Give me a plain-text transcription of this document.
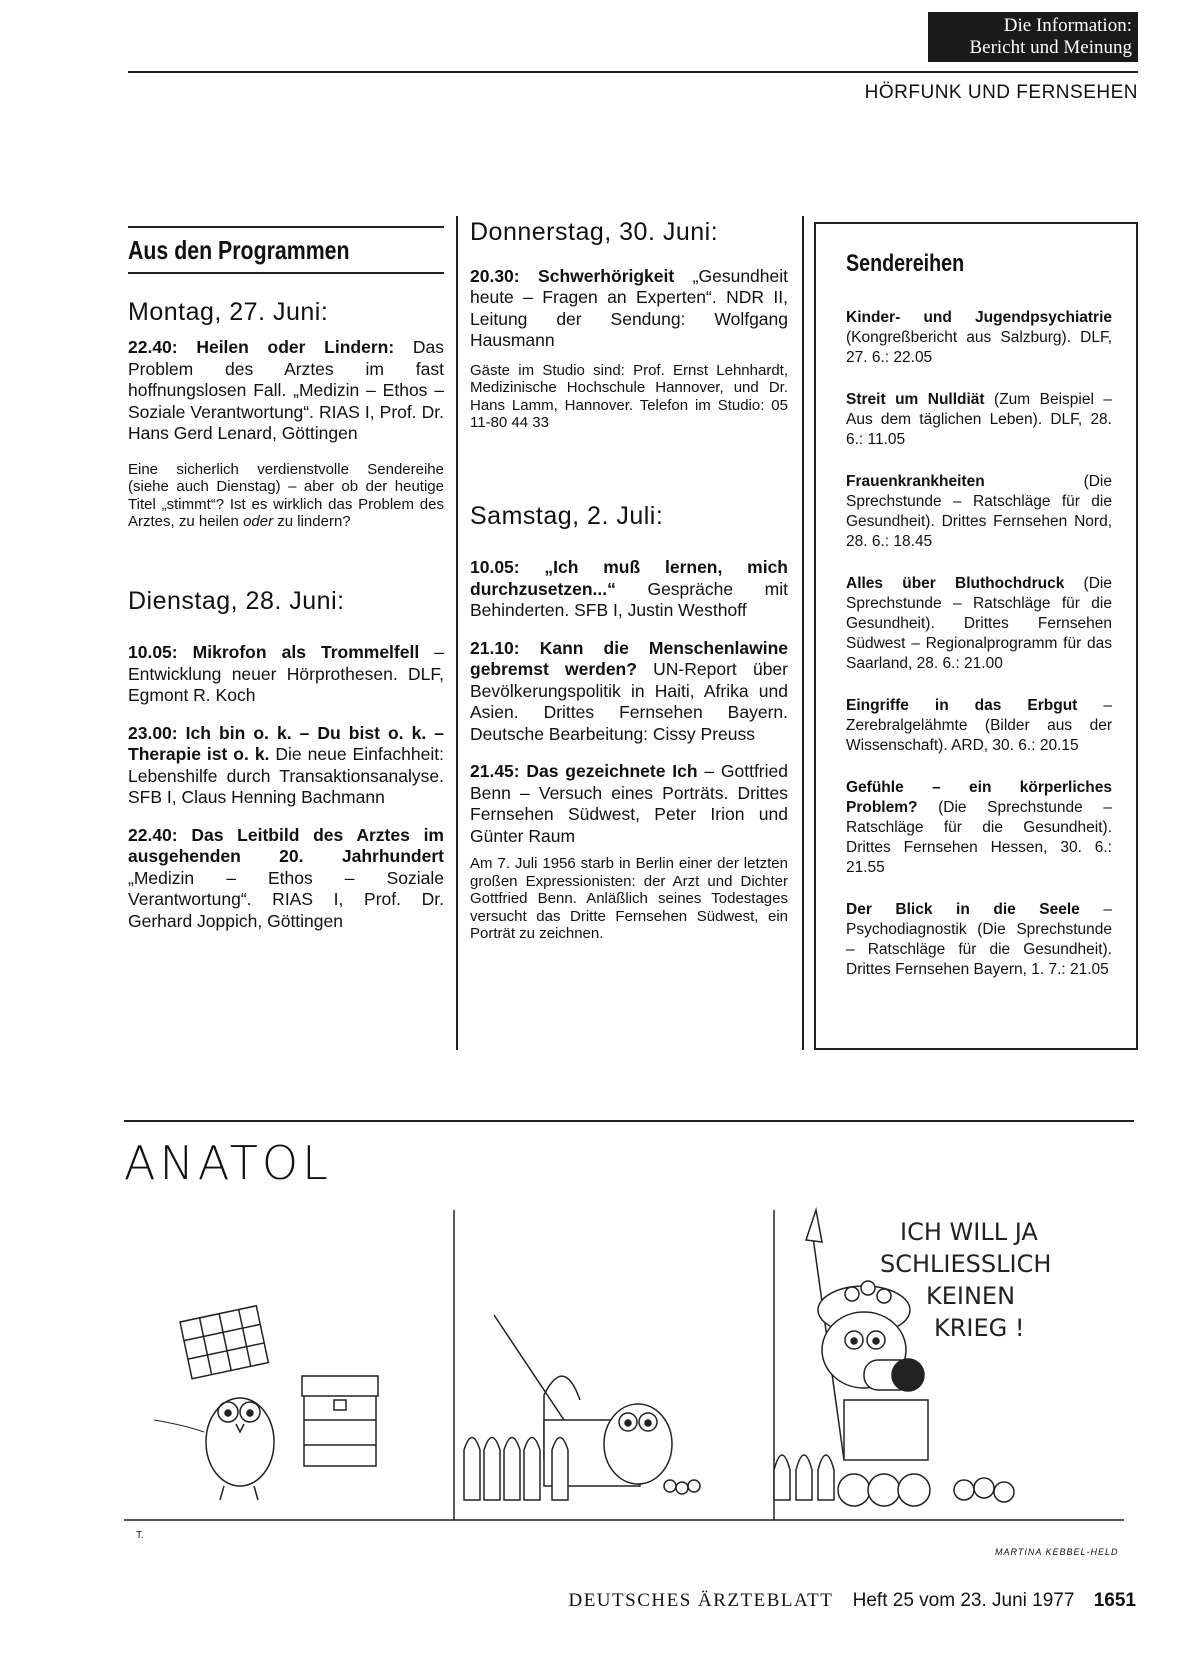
Die Information:
Bericht und Meinung
HÖRFUNK UND FERNSEHEN
Aus den Programmen
Montag, 27. Juni:

22.40: Heilen oder Lindern: Das Problem des Arztes im fast hoffnungslosen Fall. „Medizin – Ethos – Soziale Verantwortung“. RIAS I, Prof. Dr. Hans Gerd Lenard, Göttingen

Eine sicherlich verdienstvolle Sendereihe (siehe auch Dienstag) – aber ob der heutige Titel „stimmt“? Ist es wirklich das Problem des Arztes, zu heilen oder zu lindern?

Dienstag, 28. Juni:

10.05: Mikrofon als Trommelfell – Entwicklung neuer Hörprothesen. DLF, Egmont R. Koch

23.00: Ich bin o. k. – Du bist o. k. – Therapie ist o. k. Die neue Einfachheit: Lebenshilfe durch Transaktionsanalyse. SFB I, Claus Henning Bachmann

22.40: Das Leitbild des Arztes im ausgehenden 20. Jahrhundert „Medizin – Ethos – Soziale Verantwortung“. RIAS I, Prof. Dr. Gerhard Joppich, Göttingen

Donnerstag, 30. Juni:

20.30: Schwerhörigkeit „Gesundheit heute – Fragen an Experten“. NDR II, Leitung der Sendung: Wolfgang Hausmann

Gäste im Studio sind: Prof. Ernst Lehnhardt, Medizinische Hochschule Hannover, und Dr. Hans Lamm, Hannover. Telefon im Studio: 05 11-80 44 33

Samstag, 2. Juli:

10.05: „Ich muß lernen, mich durchzusetzen...“ Gespräche mit Behinderten. SFB I, Justin Westhoff

21.10: Kann die Menschenlawine gebremst werden? UN-Report über Bevölkerungspolitik in Haiti, Afrika und Asien. Drittes Fernsehen Bayern. Deutsche Bearbeitung: Cissy Preuss

21.45: Das gezeichnete Ich – Gottfried Benn – Versuch eines Porträts. Drittes Fernsehen Südwest, Peter Irion und Günter Raum

Am 7. Juli 1956 starb in Berlin einer der letzten großen Expressionisten: der Arzt und Dichter Gottfried Benn. Anläßlich seines Todestages versucht das Dritte Fernsehen Südwest, ein Porträt zu zeichnen.

Sendereihen

Kinder- und Jugendpsychiatrie (Kongreßbericht aus Salzburg). DLF, 27. 6.: 22.05

Streit um Nulldiät (Zum Beispiel – Aus dem täglichen Leben). DLF, 28. 6.: 11.05

Frauenkrankheiten (Die Sprechstunde – Ratschläge für die Gesundheit). Drittes Fernsehen Nord, 28. 6.: 18.45

Alles über Bluthochdruck (Die Sprechstunde – Ratschläge für die Gesundheit). Drittes Fernsehen Südwest – Regionalprogramm für das Saarland, 28. 6.: 21.00

Eingriffe in das Erbgut – Zerebralgelähmte (Bilder aus der Wissenschaft). ARD, 30. 6.: 20.15

Gefühle – ein körperliches Problem? (Die Sprechstunde – Ratschläge für die Gesundheit). Drittes Fernsehen Hessen, 30. 6.: 21.55

Der Blick in die Seele – Psychodiagnostik (Die Sprechstunde – Ratschläge für die Gesundheit). Drittes Fernsehen Bayern, 1. 7.: 21.05

ANATOL
ICH WILL JA
SCHLIESSLICH
KEINEN
KRIEG !
T.
MARTINA KEBBEL-HELD
DEUTSCHES ÄRZTEBLATT Heft 25 vom 23. Juni 1977 1651
